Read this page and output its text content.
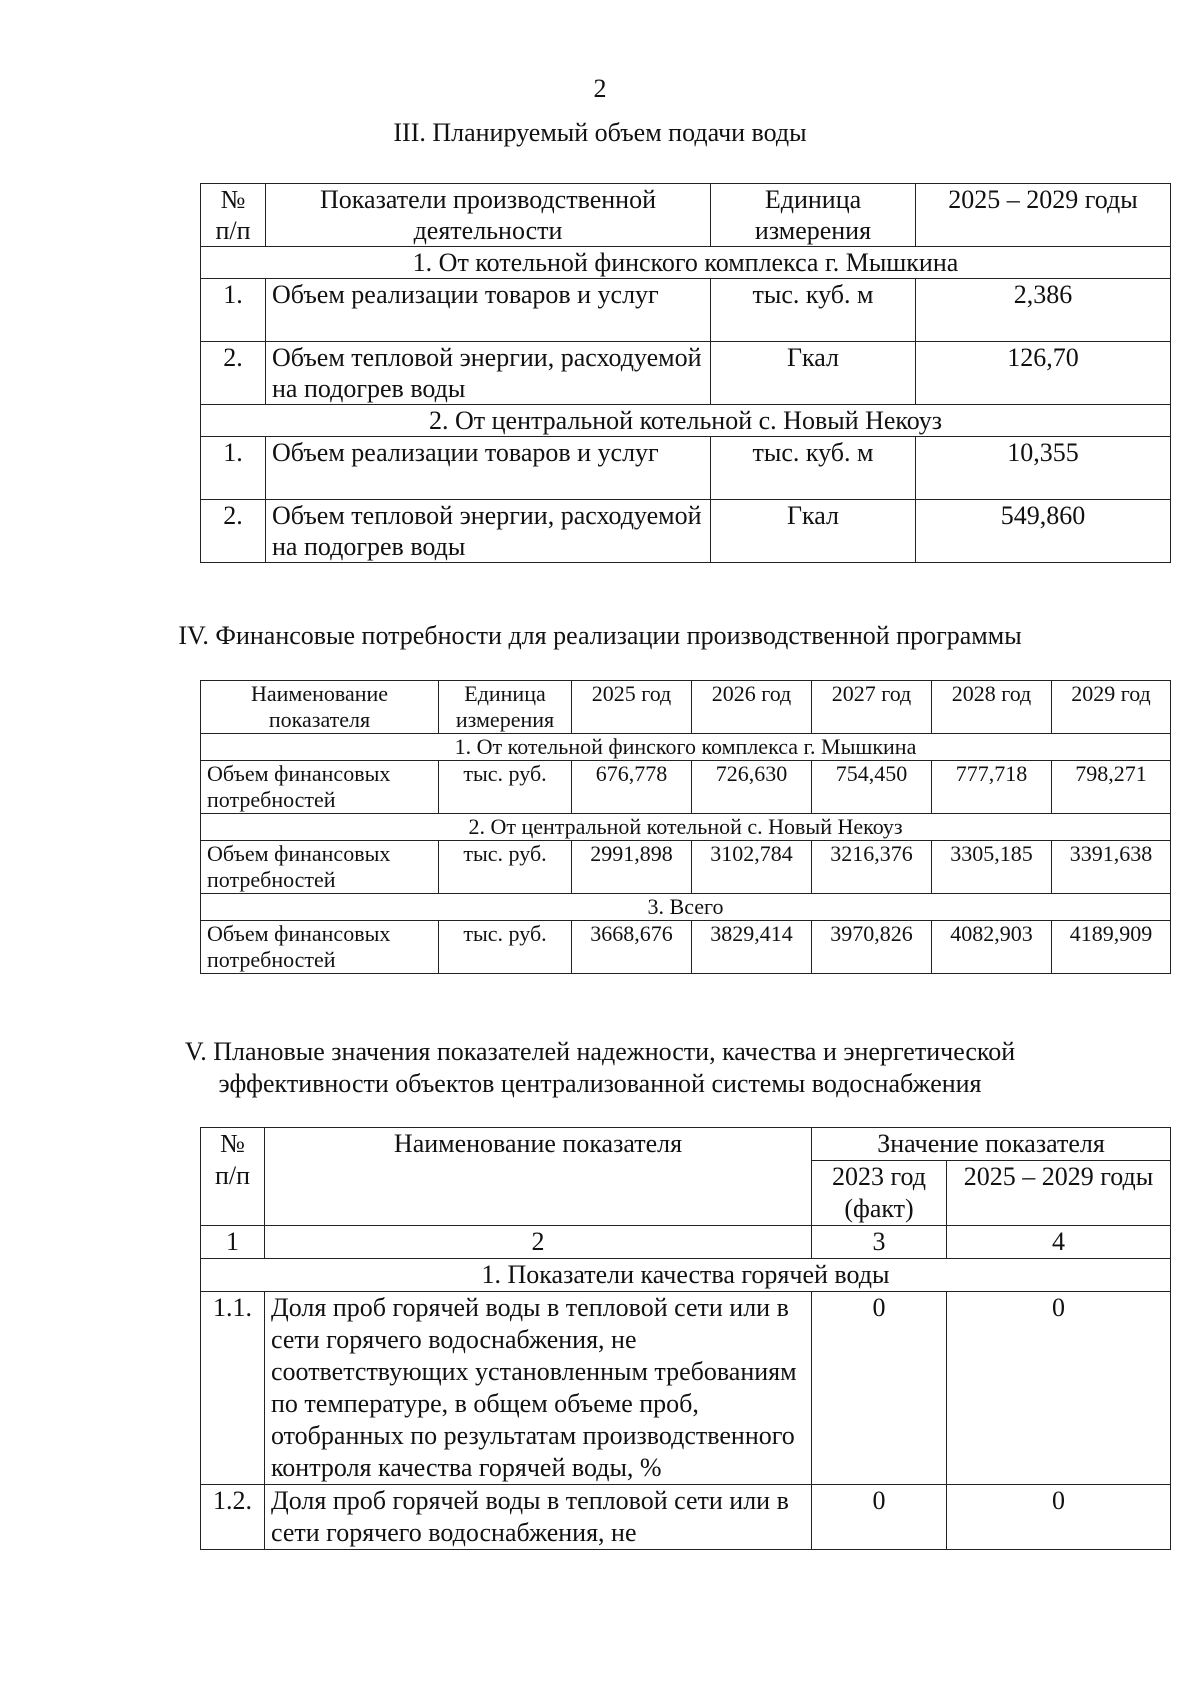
2
III. Планируемый объем подачи воды
№ п/п	Показатели производственной деятельности	Единица измерения	2025 – 2029 годы
1. От котельной финского комплекса г. Мышкина			
1.	Объем реализации товаров и услуг	тыс. куб. м	2,386
2.	Объем тепловой энергии, расходуемой на подогрев воды	Гкал	126,70
2. От центральной котельной с. Новый Некоуз			
1.	Объем реализации товаров и услуг	тыс. куб. м	10,355
2.	Объем тепловой энергии, расходуемой на подогрев воды	Гкал	549,860
IV. Финансовые потребности для реализации производственной программы
Наименование показателя	Единица измерения	2025 год	2026 год	2027 год	2028 год	2029 год
1. От котельной финского комплекса г. Мышкина						
Объем финансовых потребностей	тыс. руб.	676,778	726,630	754,450	777,718	798,271
2. От центральной котельной с. Новый Некоуз						
Объем финансовых потребностей	тыс. руб.	2991,898	3102,784	3216,376	3305,185	3391,638
3. Всего						
Объем финансовых потребностей	тыс. руб.	3668,676	3829,414	3970,826	4082,903	4189,909
V. Плановые значения показателей надежности, качества и энергетической
эффективности объектов централизованной системы водоснабжения
№ п/п	Наименование показателя	Значение показателя	
		2023 год (факт)	2025 – 2029 годы
1	2	3	4
1. Показатели качества горячей воды			
1.1.	Доля проб горячей воды в тепловой сети или в сети горячего водоснабжения, не соответствующих установленным требованиям по температуре, в общем объеме проб, отобранных по результатам производственного контроля качества горячей воды, %	0	0
1.2.	Доля проб горячей воды в тепловой сети или в сети горячего водоснабжения, не	0	0
